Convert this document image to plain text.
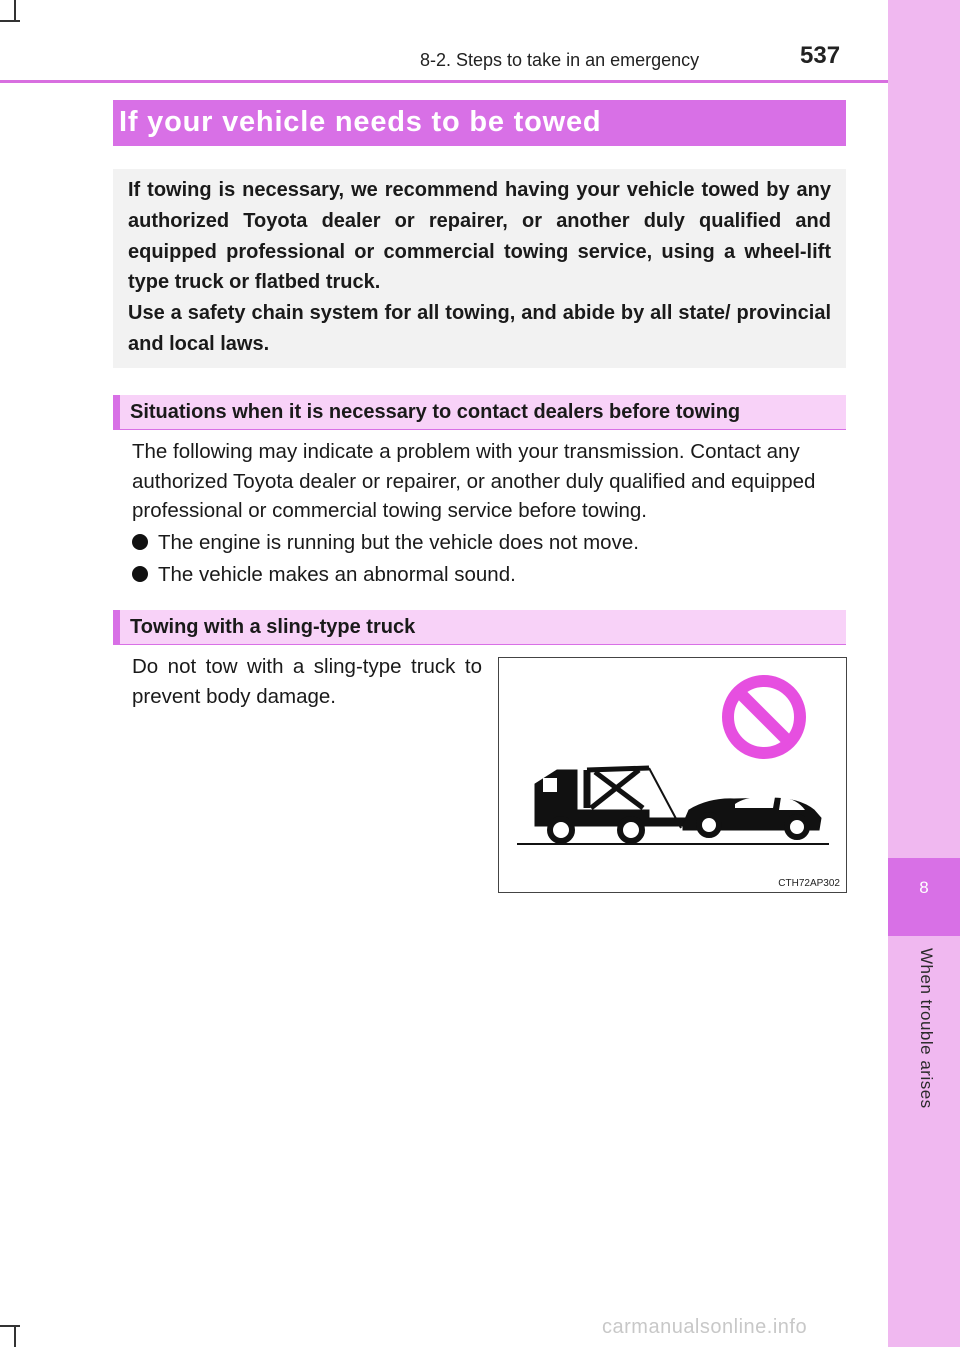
8
When trouble arises
8-2. Steps to take in an emergency	537
If your vehicle needs to be towed
If towing is necessary, we recommend having your vehicle towed by any authorized Toyota dealer or repairer, or another duly qualified and equipped professional or commercial towing service, using a wheel-lift type truck or flatbed truck.
Use a safety chain system for all towing, and abide by all state/ provincial and local laws.
Situations when it is necessary to contact dealers before towing
The following may indicate a problem with your transmission. Contact any authorized Toyota dealer or repairer, or another duly qualified and equipped professional or commercial towing service before towing.
The engine is running but the vehicle does not move.
The vehicle makes an abnormal sound.
Towing with a sling-type truck
Do not tow with a sling-type truck to prevent body damage.
CTH72AP302
carmanualsonline.info
